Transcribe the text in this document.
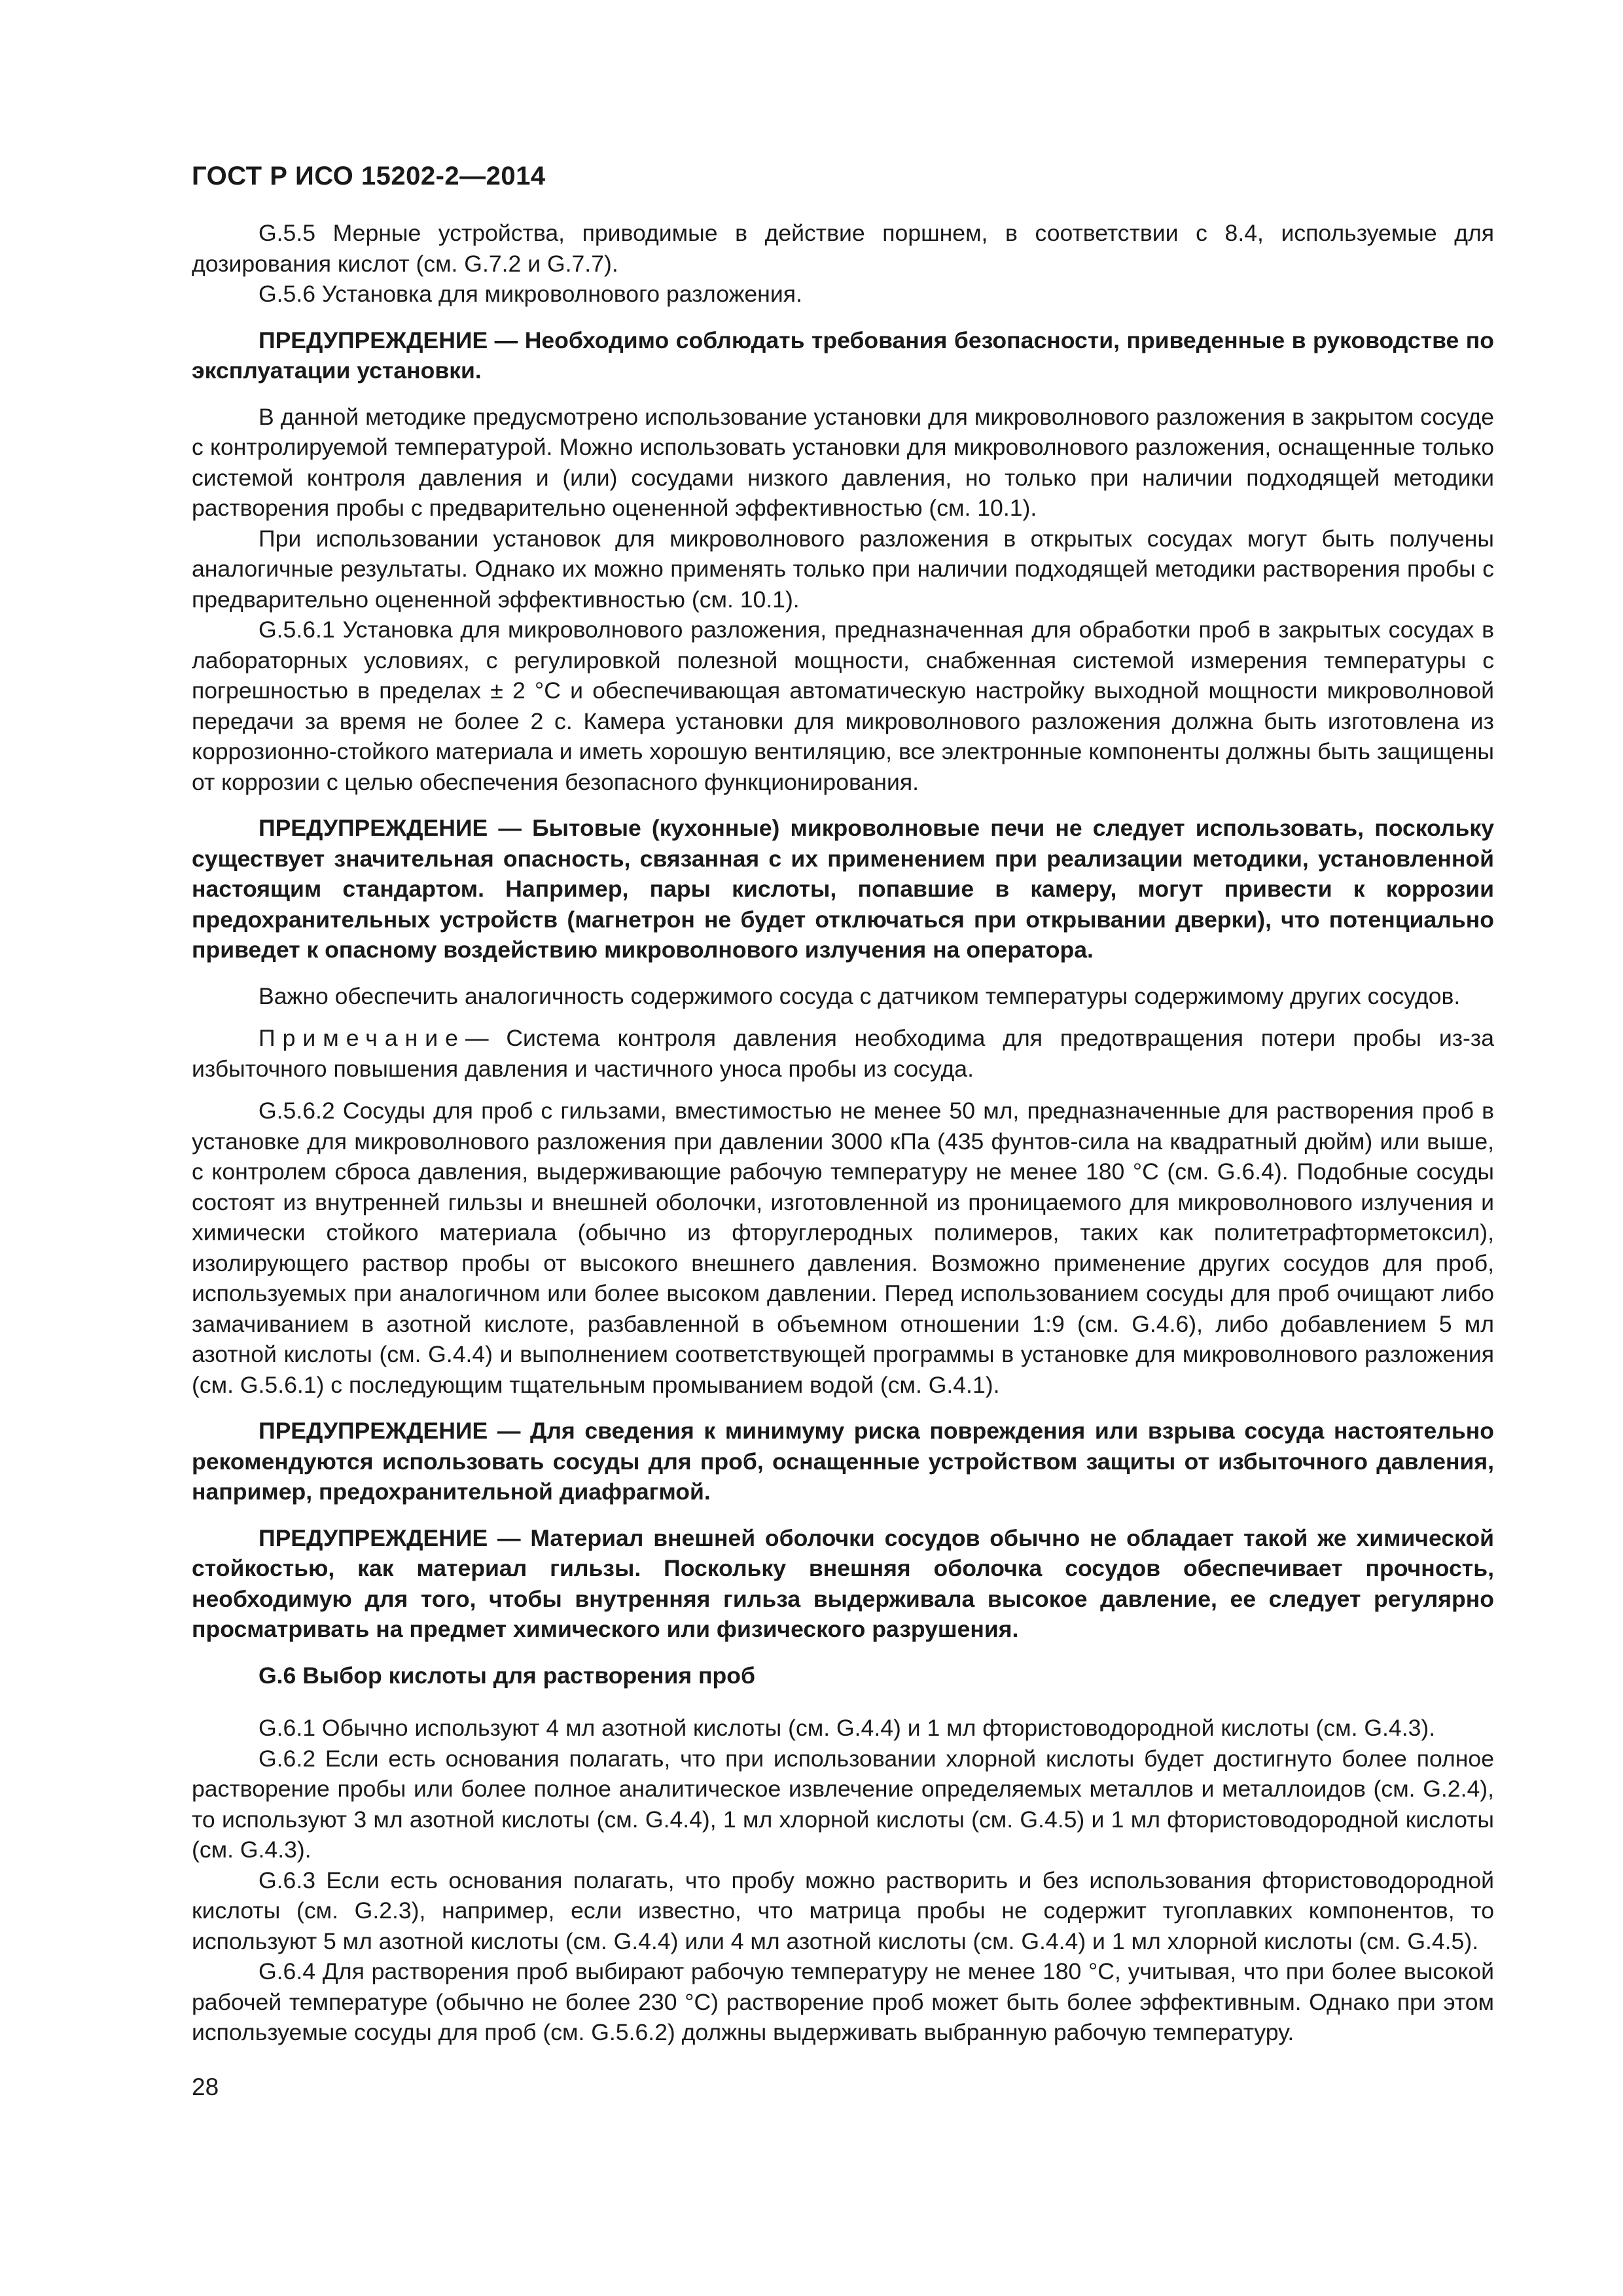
ГОСТ Р ИСО 15202-2—2014

G.5.5 Мерные устройства, приводимые в действие поршнем, в соответствии с 8.4, используемые для дозирования кислот (см. G.7.2 и G.7.7).

G.5.6 Установка для микроволнового разложения.

ПРЕДУПРЕЖДЕНИЕ — Необходимо соблюдать требования безопасности, приведенные в руководстве по эксплуатации установки.

В данной методике предусмотрено использование установки для микроволнового разложения в закрытом сосуде с контролируемой температурой. Можно использовать установки для микроволнового разложения, оснащенные только системой контроля давления и (или) сосудами низкого давления, но только при наличии подходящей методики растворения пробы с предварительно оцененной эффективностью (см. 10.1).

При использовании установок для микроволнового разложения в открытых сосудах могут быть получены аналогичные результаты. Однако их можно применять только при наличии подходящей методики растворения пробы с предварительно оцененной эффективностью (см. 10.1).

G.5.6.1 Установка для микроволнового разложения, предназначенная для обработки проб в закрытых сосудах в лабораторных условиях, с регулировкой полезной мощности, снабженная системой измерения температуры с погрешностью в пределах ± 2 °С и обеспечивающая автоматическую настройку выходной мощности микроволновой передачи за время не более 2 с. Камера установки для микроволнового разложения должна быть изготовлена из коррозионно-стойкого материала и иметь хорошую вентиляцию, все электронные компоненты должны быть защищены от коррозии с целью обеспечения безопасного функционирования.

ПРЕДУПРЕЖДЕНИЕ — Бытовые (кухонные) микроволновые печи не следует использовать, поскольку существует значительная опасность, связанная с их применением при реализации методики, установленной настоящим стандартом. Например, пары кислоты, попавшие в камеру, могут привести к коррозии предохранительных устройств (магнетрон не будет отключаться при открывании дверки), что потенциально приведет к опасному воздействию микроволнового излучения на оператора.

Важно обеспечить аналогичность содержимого сосуда с датчиком температуры содержимому других сосудов.

Примечание— Система контроля давления необходима для предотвращения потери пробы из-за избыточного повышения давления и частичного уноса пробы из сосуда.

G.5.6.2 Сосуды для проб с гильзами, вместимостью не менее 50 мл, предназначенные для растворения проб в установке для микроволнового разложения при давлении 3000 кПа (435 фунтов-сила на квадратный дюйм) или выше, с контролем сброса давления, выдерживающие рабочую температуру не менее 180 °С (см. G.6.4). Подобные сосуды состоят из внутренней гильзы и внешней оболочки, изготовленной из проницаемого для микроволнового излучения и химически стойкого материала (обычно из фторуглеродных полимеров, таких как политетрафторметоксил), изолирующего раствор пробы от высокого внешнего давления. Возможно применение других сосудов для проб, используемых при аналогичном или более высоком давлении. Перед использованием сосуды для проб очищают либо замачиванием в азотной кислоте, разбавленной в объемном отношении 1:9 (см. G.4.6), либо добавлением 5 мл азотной кислоты (см. G.4.4) и выполнением соответствующей программы в установке для микроволнового разложения (см. G.5.6.1) с последующим тщательным промыванием водой (см. G.4.1).

ПРЕДУПРЕЖДЕНИЕ — Для сведения к минимуму риска повреждения или взрыва сосуда настоятельно рекомендуются использовать сосуды для проб, оснащенные устройством защиты от избыточного давления, например, предохранительной диафрагмой.

ПРЕДУПРЕЖДЕНИЕ — Материал внешней оболочки сосудов обычно не обладает такой же химической стойкостью, как материал гильзы. Поскольку внешняя оболочка сосудов обеспечивает прочность, необходимую для того, чтобы внутренняя гильза выдерживала высокое давление, ее следует регулярно просматривать на предмет химического или физического разрушения.

G.6 Выбор кислоты для растворения проб

G.6.1 Обычно используют 4 мл азотной кислоты (см. G.4.4) и 1 мл фтористоводородной кислоты (см. G.4.3).

G.6.2 Если есть основания полагать, что при использовании хлорной кислоты будет достигнуто более полное растворение пробы или более полное аналитическое извлечение определяемых металлов и металлоидов (см. G.2.4), то используют 3 мл азотной кислоты (см. G.4.4), 1 мл хлорной кислоты (см. G.4.5) и 1 мл фтористоводородной кислоты (см. G.4.3).

G.6.3 Если есть основания полагать, что пробу можно растворить и без использования фтористоводородной кислоты (см. G.2.3), например, если известно, что матрица пробы не содержит тугоплавких компонентов, то используют 5 мл азотной кислоты (см. G.4.4) или 4 мл азотной кислоты (см. G.4.4) и 1 мл хлорной кислоты (см. G.4.5).

G.6.4 Для растворения проб выбирают рабочую температуру не менее 180 °С, учитывая, что при более высокой рабочей температуре (обычно не более 230 °С) растворение проб может быть более эффективным. Однако при этом используемые сосуды для проб (см. G.5.6.2) должны выдерживать выбранную рабочую температуру.

28
